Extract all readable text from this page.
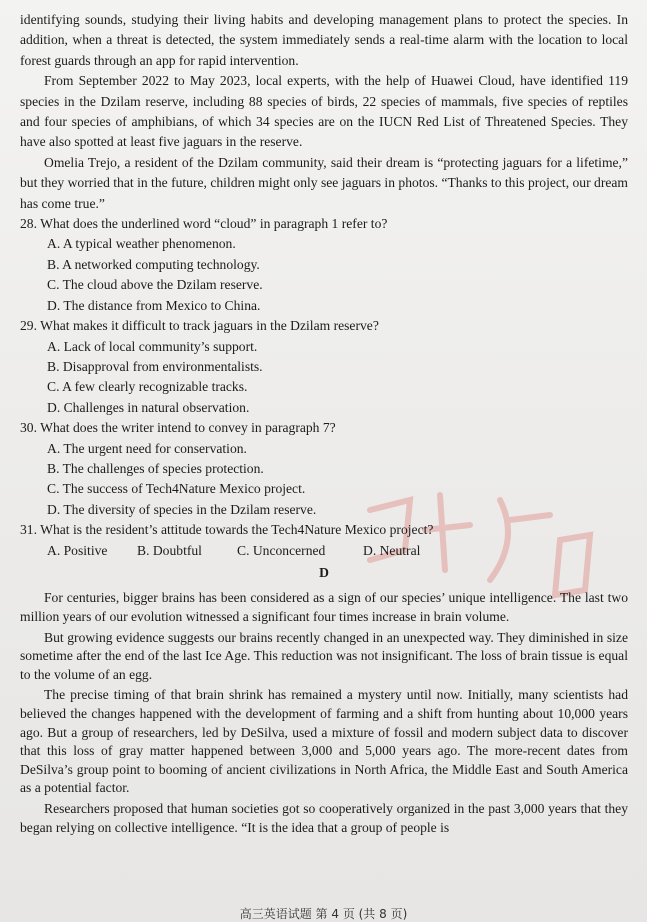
identifying sounds, studying their living habits and developing management plans to protect the species. In addition, when a threat is detected, the system immediately sends a real-time alarm with the location to local forest guards through an app for rapid intervention.

From September 2022 to May 2023, local experts, with the help of Huawei Cloud, have identified 119 species in the Dzilam reserve, including 88 species of birds, 22 species of mammals, five species of reptiles and four species of amphibians, of which 34 species are on the IUCN Red List of Threatened Species. They have also spotted at least five jaguars in the reserve.

Omelia Trejo, a resident of the Dzilam community, said their dream is “protecting jaguars for a lifetime,” but they worried that in the future, children might only see jaguars in photos. “Thanks to this project, our dream has come true.”

28. What does the underlined word “cloud” in paragraph 1 refer to?

A. A typical weather phenomenon.

B. A networked computing technology.

C. The cloud above the Dzilam reserve.

D. The distance from Mexico to China.

29. What makes it difficult to track jaguars in the Dzilam reserve?

A. Lack of local community’s support.

B. Disapproval from environmentalists.

C. A few clearly recognizable tracks.

D. Challenges in natural observation.

30. What does the writer intend to convey in paragraph 7?

A. The urgent need for conservation.

B. The challenges of species protection.

C. The success of Tech4Nature Mexico project.

D. The diversity of species in the Dzilam reserve.

31. What is the resident’s attitude towards the Tech4Nature Mexico project?

A. Positive	B. Doubtful	C. Unconcerned	D. Neutral

D

For centuries, bigger brains has been considered as a sign of our species’ unique intelligence. The last two million years of our evolution witnessed a significant four times increase in brain volume.

But growing evidence suggests our brains recently changed in an unexpected way. They diminished in size sometime after the end of the last Ice Age. This reduction was not insignificant. The loss of brain tissue is equal to the volume of an egg.

The precise timing of that brain shrink has remained a mystery until now. Initially, many scientists had believed the changes happened with the development of farming and a shift from hunting about 10,000 years ago. But a group of researchers, led by DeSilva, used a mixture of fossil and modern subject data to discover that this loss of gray matter happened between 3,000 and 5,000 years ago. The more-recent dates from DeSilva’s group point to booming of ancient civilizations in North Africa, the Middle East and South America as a potential factor.

Researchers proposed that human societies got so cooperatively organized in the past 3,000 years that they began relying on collective intelligence. “It is the idea that a group of people is

高三英语试题 第 4 页 (共 8 页)
